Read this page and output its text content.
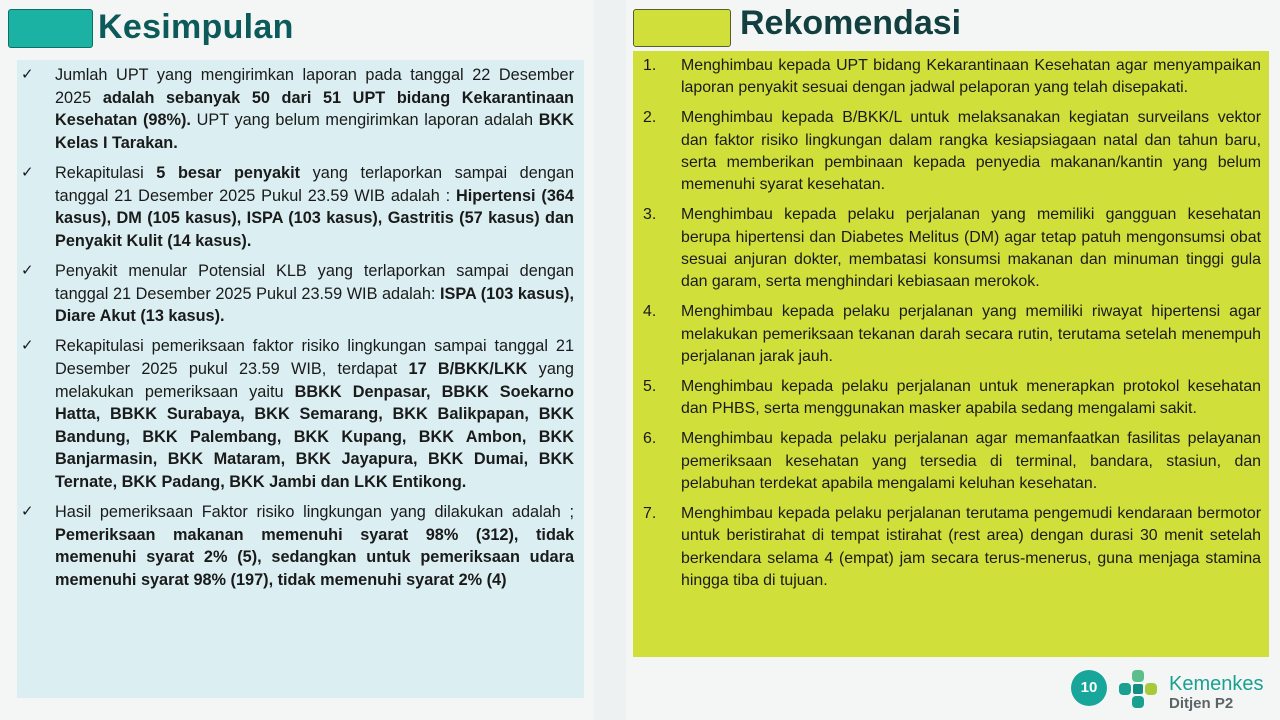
Kesimpulan
✓ Jumlah UPT yang mengirimkan laporan pada tanggal 22 Desember 2025 adalah sebanyak 50 dari 51 UPT bidang Kekarantinaan Kesehatan (98%). UPT yang belum mengirimkan laporan adalah BKK Kelas I Tarakan.
✓ Rekapitulasi 5 besar penyakit yang terlaporkan sampai dengan tanggal 21 Desember 2025 Pukul 23.59 WIB adalah : Hipertensi (364 kasus), DM (105 kasus), ISPA (103 kasus), Gastritis (57 kasus) dan Penyakit Kulit (14 kasus).
✓ Penyakit menular Potensial KLB yang terlaporkan sampai dengan tanggal 21 Desember 2025 Pukul 23.59 WIB adalah: ISPA (103 kasus), Diare Akut (13 kasus).
✓ Rekapitulasi pemeriksaan faktor risiko lingkungan sampai tanggal 21 Desember 2025 pukul 23.59 WIB, terdapat 17 B/BKK/LKK yang melakukan pemeriksaan yaitu BBKK Denpasar, BBKK Soekarno Hatta, BBKK Surabaya, BKK Semarang, BKK Balikpapan, BKK Bandung, BKK Palembang, BKK Kupang, BKK Ambon, BKK Banjarmasin, BKK Mataram, BKK Jayapura, BKK Dumai, BKK Ternate, BKK Padang, BKK Jambi dan LKK Entikong.
✓ Hasil pemeriksaan Faktor risiko lingkungan yang dilakukan adalah ; Pemeriksaan makanan memenuhi syarat 98% (312), tidak memenuhi syarat 2% (5), sedangkan untuk pemeriksaan udara memenuhi syarat 98% (197), tidak memenuhi syarat 2% (4)
Rekomendasi
1. Menghimbau kepada UPT bidang Kekarantinaan Kesehatan agar menyampaikan laporan penyakit sesuai dengan jadwal pelaporan yang telah disepakati.
2. Menghimbau kepada B/BKK/L untuk melaksanakan kegiatan surveilans vektor dan faktor risiko lingkungan dalam rangka kesiapsiagaan natal dan tahun baru, serta memberikan pembinaan kepada penyedia makanan/kantin yang belum memenuhi syarat kesehatan.
3. Menghimbau kepada pelaku perjalanan yang memiliki gangguan kesehatan berupa hipertensi dan Diabetes Melitus (DM) agar tetap patuh mengonsumsi obat sesuai anjuran dokter, membatasi konsumsi makanan dan minuman tinggi gula dan garam, serta menghindari kebiasaan merokok.
4. Menghimbau kepada pelaku perjalanan yang memiliki riwayat hipertensi agar melakukan pemeriksaan tekanan darah secara rutin, terutama setelah menempuh perjalanan jarak jauh.
5. Menghimbau kepada pelaku perjalanan untuk menerapkan protokol kesehatan dan PHBS, serta menggunakan masker apabila sedang mengalami sakit.
6. Menghimbau kepada pelaku perjalanan agar memanfaatkan fasilitas pelayanan pemeriksaan kesehatan yang tersedia di terminal, bandara, stasiun, dan pelabuhan terdekat apabila mengalami keluhan kesehatan.
7. Menghimbau kepada pelaku perjalanan terutama pengemudi kendaraan bermotor untuk beristirahat di tempat istirahat (rest area) dengan durasi 30 menit setelah berkendara selama 4 (empat) jam secara terus-menerus, guna menjaga stamina hingga tiba di tujuan.
10	Kemenkes
Ditjen P2
